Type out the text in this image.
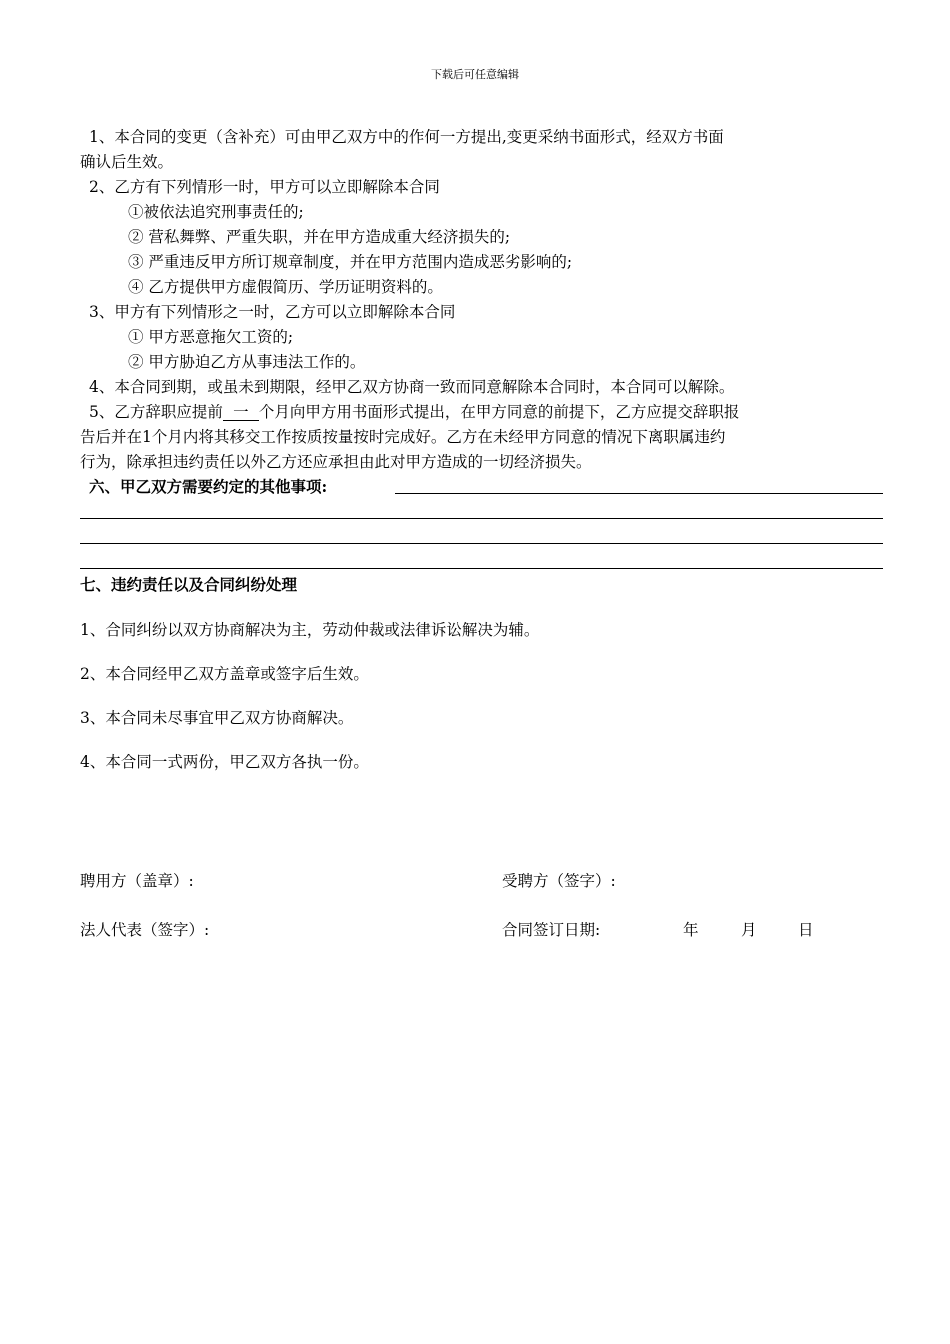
下载后可任意编辑
1、本合同的变更（含补充）可由甲乙双方中的作何一方提出,变更采纳书面形式，经双方书面
确认后生效。
2、乙方有下列情形一时，甲方可以立即解除本合同
①被依法追究刑事责任的;
② 营私舞弊、严重失职，并在甲方造成重大经济损失的;
③ 严重违反甲方所订规章制度，并在甲方范围内造成恶劣影响的;
④ 乙方提供甲方虚假简历、学历证明资料的。
3、甲方有下列情形之一时，乙方可以立即解除本合同
① 甲方恶意拖欠工资的;
② 甲方胁迫乙方从事违法工作的。
4、本合同到期，或虽未到期限，经甲乙双方协商一致而同意解除本合同时，本合同可以解除。
5、乙方辞职应提前 一 个月向甲方用书面形式提出，在甲方同意的前提下，乙方应提交辞职报
告后并在1个月内将其移交工作按质按量按时完成好。乙方在未经甲方同意的情况下离职属违约
行为，除承担违约责任以外乙方还应承担由此对甲方造成的一切经济损失。
六、甲乙双方需要约定的其他事项:
七、违约责任以及合同纠纷处理
1、合同纠纷以双方协商解决为主，劳动仲裁或法律诉讼解决为辅。
2、本合同经甲乙双方盖章或签字后生效。
3、本合同未尽事宜甲乙双方协商解决。
4、本合同一式两份，甲乙双方各执一份。
聘用方（盖章）:	受聘方（签字）:
法人代表（签字）:	合同签订日期:	年	月	日
